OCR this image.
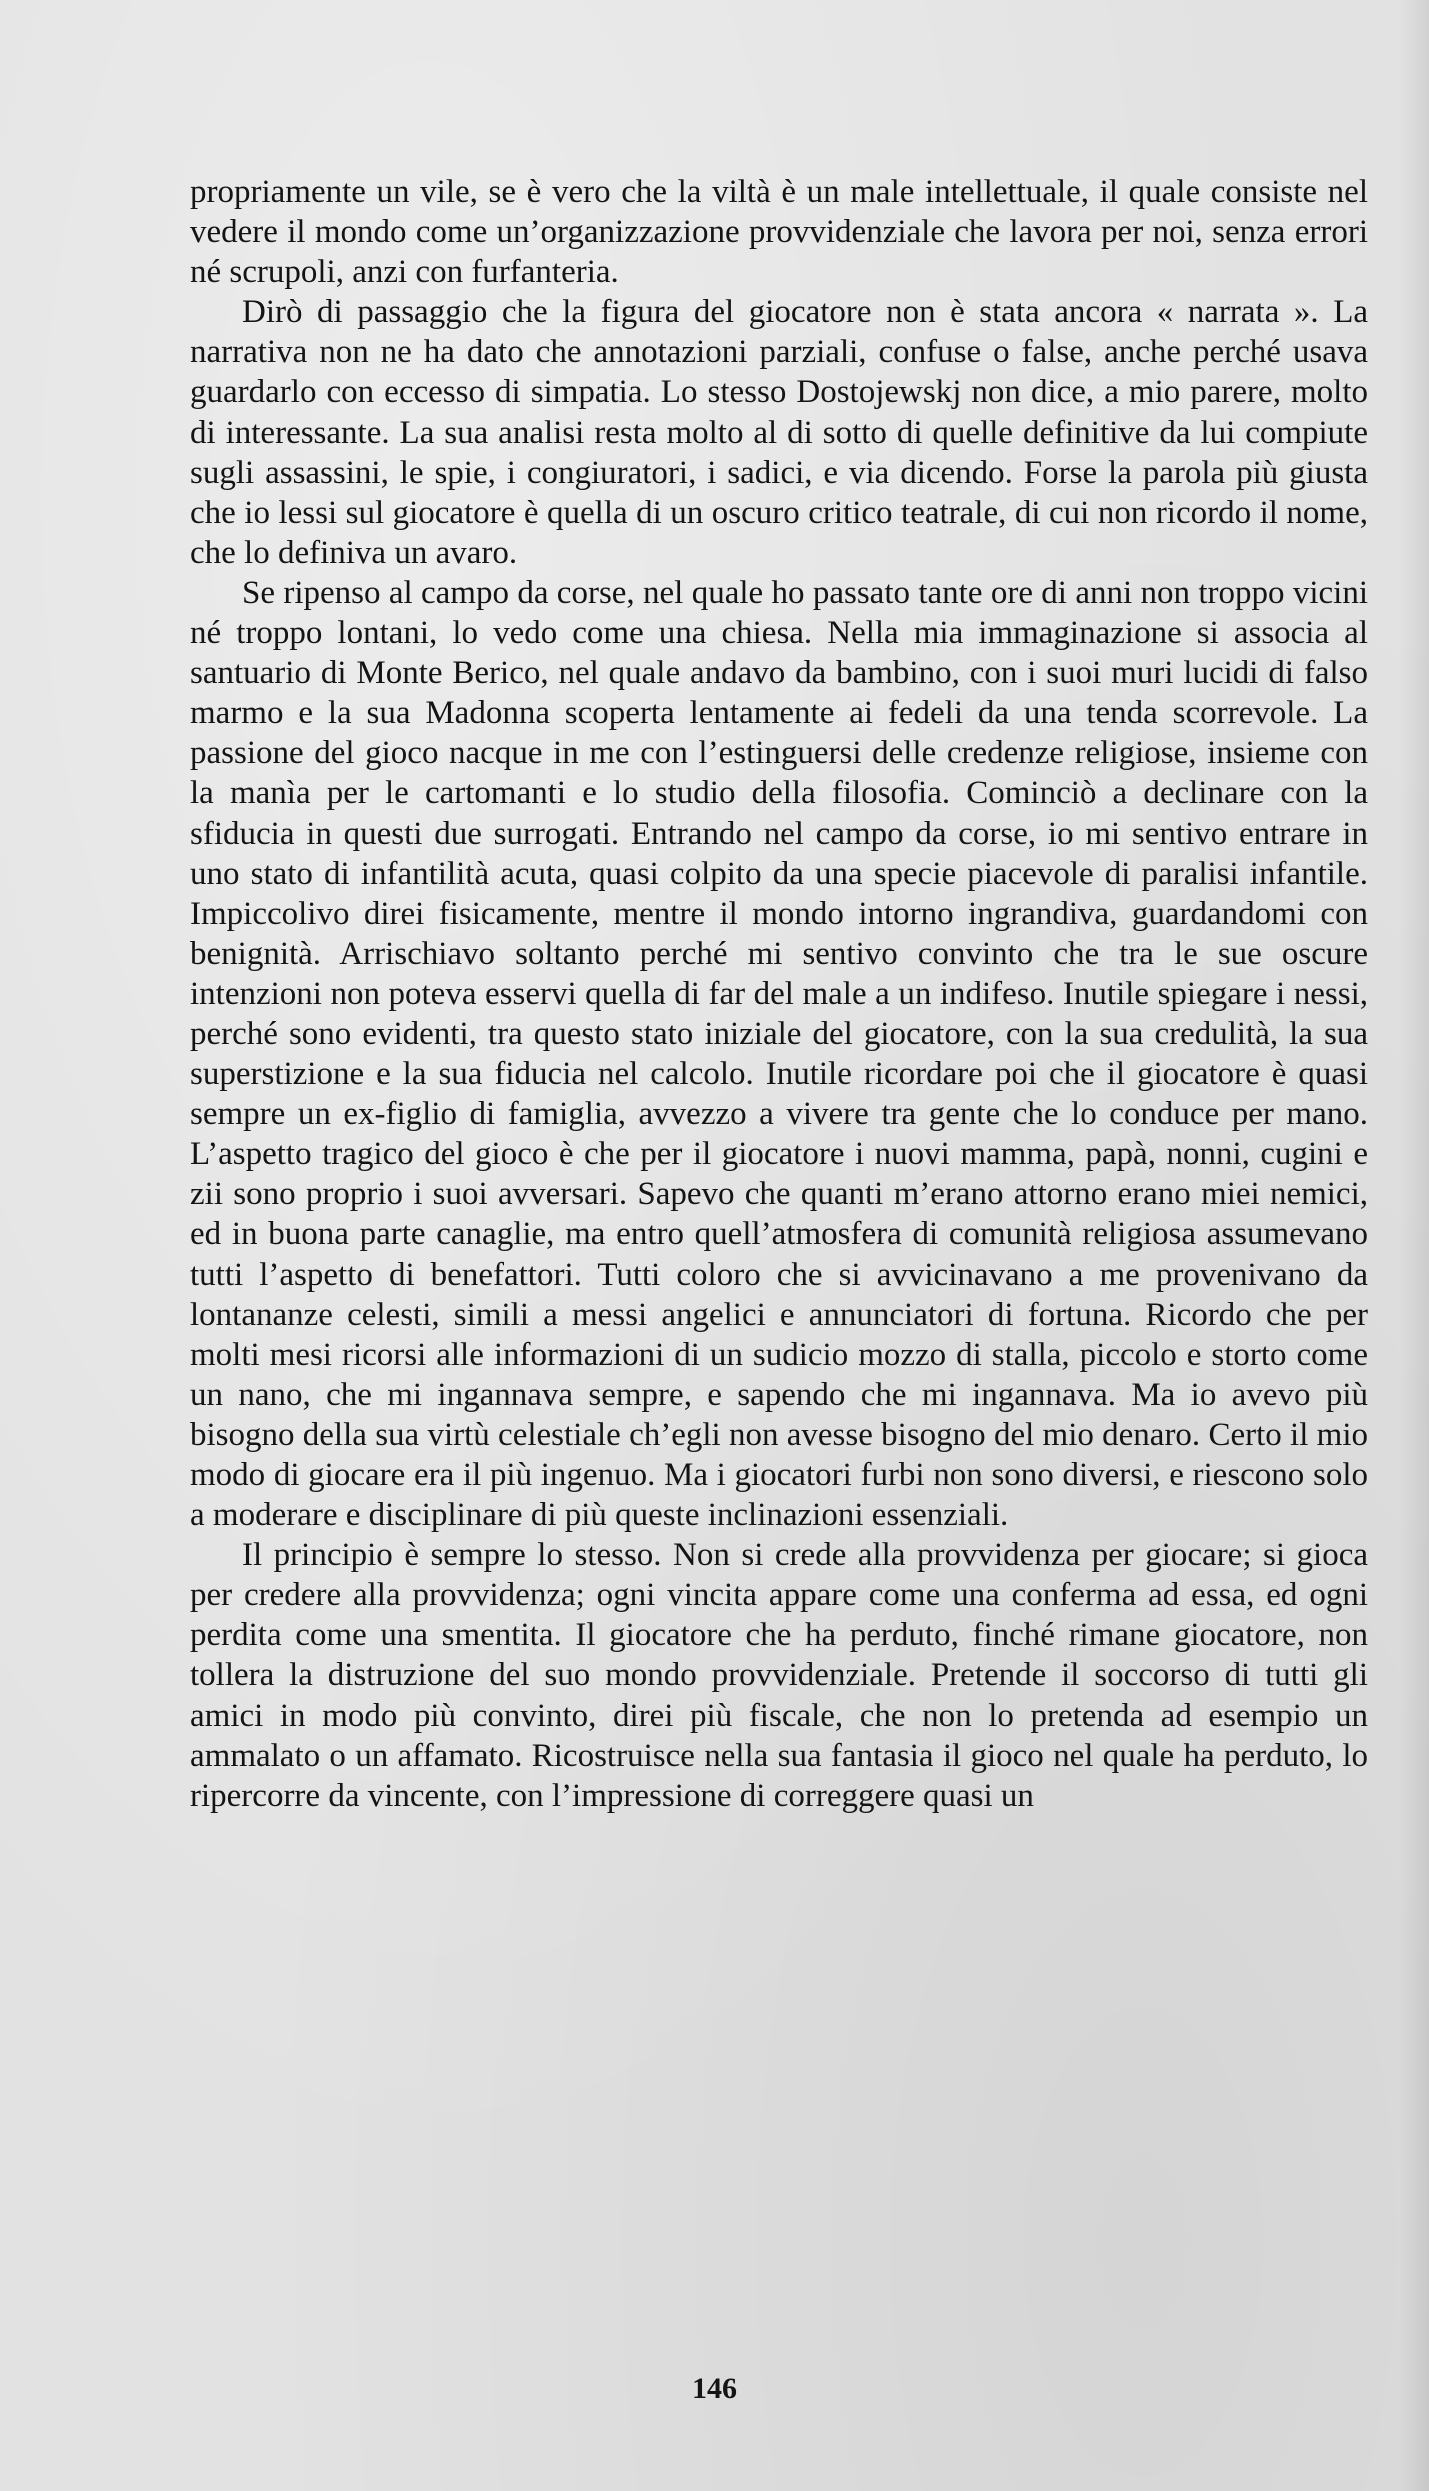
propriamente un vile, se è vero che la viltà è un male intellettuale, il quale consiste nel vedere il mondo come un’organizzazione provvidenziale che lavora per noi, senza errori né scrupoli, anzi con furfanteria.

Dirò di passaggio che la figura del giocatore non è stata ancora « narrata ». La narrativa non ne ha dato che annotazioni parziali, confuse o false, anche perché usava guardarlo con eccesso di simpatia. Lo stesso Dostojewskj non dice, a mio parere, molto di interessante. La sua analisi resta molto al di sotto di quelle definitive da lui compiute sugli assassini, le spie, i congiuratori, i sadici, e via dicendo. Forse la parola più giusta che io lessi sul giocatore è quella di un oscuro critico teatrale, di cui non ricordo il nome, che lo definiva un avaro.

Se ripenso al campo da corse, nel quale ho passato tante ore di anni non troppo vicini né troppo lontani, lo vedo come una chiesa. Nella mia immaginazione si associa al santuario di Monte Berico, nel quale andavo da bambino, con i suoi muri lucidi di falso marmo e la sua Madonna scoperta lentamente ai fedeli da una tenda scorrevole. La passione del gioco nacque in me con l’estinguersi delle credenze religiose, insieme con la manìa per le cartomanti e lo studio della filosofia. Cominciò a declinare con la sfiducia in questi due surrogati. Entrando nel campo da corse, io mi sentivo entrare in uno stato di infantilità acuta, quasi colpito da una specie piacevole di paralisi infantile. Impiccolivo direi fisicamente, mentre il mondo intorno ingrandiva, guardandomi con benignità. Arrischiavo soltanto perché mi sentivo convinto che tra le sue oscure intenzioni non poteva esservi quella di far del male a un indifeso. Inutile spiegare i nessi, perché sono evidenti, tra questo stato iniziale del giocatore, con la sua credulità, la sua superstizione e la sua fiducia nel calcolo. Inutile ricordare poi che il giocatore è quasi sempre un ex-figlio di famiglia, avvezzo a vivere tra gente che lo conduce per mano. L’aspetto tragico del gioco è che per il giocatore i nuovi mamma, papà, nonni, cugini e zii sono proprio i suoi avversari. Sapevo che quanti m’erano attorno erano miei nemici, ed in buona parte canaglie, ma entro quell’atmosfera di comunità religiosa assumevano tutti l’aspetto di benefattori. Tutti coloro che si avvicinavano a me provenivano da lontananze celesti, simili a messi angelici e annunciatori di fortuna. Ricordo che per molti mesi ricorsi alle informazioni di un sudicio mozzo di stalla, piccolo e storto come un nano, che mi ingannava sempre, e sapendo che mi ingannava. Ma io avevo più bisogno della sua virtù celestiale ch’egli non avesse bisogno del mio denaro. Certo il mio modo di giocare era il più ingenuo. Ma i giocatori furbi non sono diversi, e riescono solo a moderare e disciplinare di più queste inclinazioni essenziali.

Il principio è sempre lo stesso. Non si crede alla provvidenza per giocare; si gioca per credere alla provvidenza; ogni vincita appare come una conferma ad essa, ed ogni perdita come una smentita. Il giocatore che ha perduto, finché rimane giocatore, non tollera la distruzione del suo mondo provvidenziale. Pretende il soccorso di tutti gli amici in modo più convinto, direi più fiscale, che non lo pretenda ad esempio un ammalato o un affamato. Ricostruisce nella sua fantasia il gioco nel quale ha perduto, lo ripercorre da vincente, con l’impressione di correggere quasi un

146
